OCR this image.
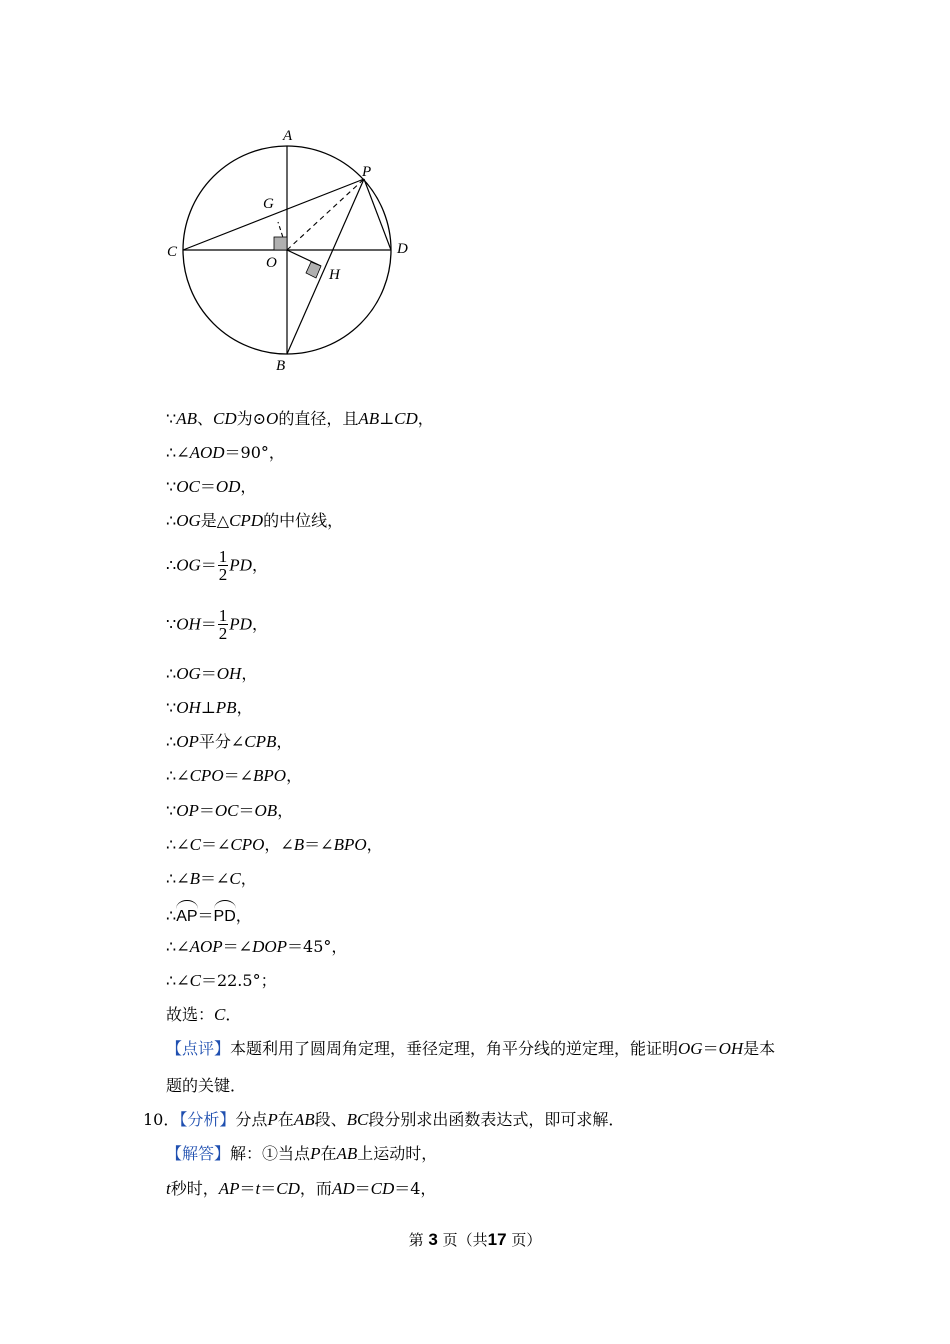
A
B
C	D
P
O
G
H
∵AB、CD为⊙O的直径，且AB⊥CD，
∴∠AOD＝90°，
∵OC＝OD，
∴OG是△CPD的中位线，
∴OG＝ $\frac{1}{2}$ PD，
∵OH＝ $\frac{1}{2}$ PD，
∴OG＝OH，
∵OH⊥PB，
∴OP平分∠CPB，
∴∠CPO＝∠BPO，
∵OP＝OC＝OB，
∴∠C＝∠CPO，∠B＝∠BPO，
∴∠B＝∠C，
∴AP＝PD，
∴∠AOP＝∠DOP＝45°，
∴∠C＝22.5°；
故选：C．
【点评】本题利用了圆周角定理，垂径定理，角平分线的逆定理，能证明OG＝OH是本
题的关键．
10．【分析】分点P在AB段、BC段分别求出函数表达式，即可求解．
【解答】解：①当点P在AB上运动时，
t秒时，AP＝t＝CD，而AD＝CD＝4，
第 3 页（共17 页）
